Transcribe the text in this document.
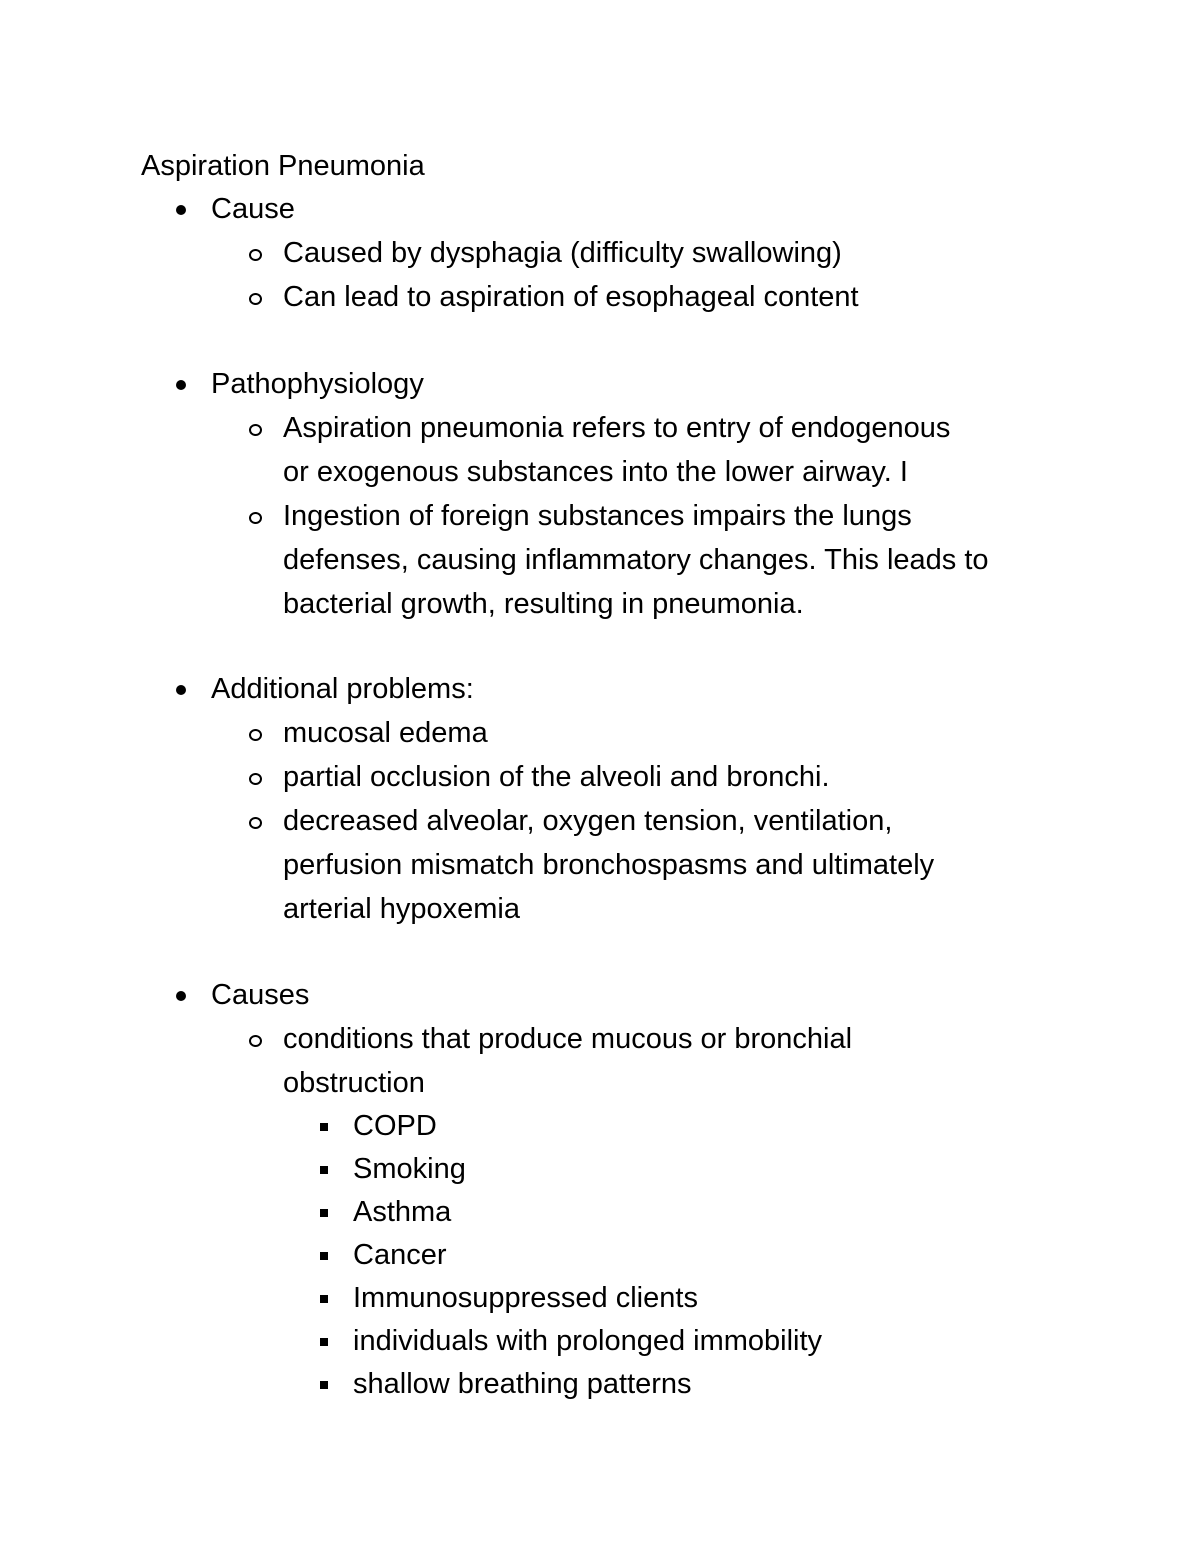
Aspiration Pneumonia
Cause
Caused by dysphagia (difficulty swallowing)
Can lead to aspiration of esophageal content
Pathophysiology
Aspiration pneumonia refers to entry of endogenous
or exogenous substances into the lower airway. I
Ingestion of foreign substances impairs the lungs
defenses, causing inflammatory changes. This leads to
bacterial growth, resulting in pneumonia.
Additional problems:
mucosal edema
partial occlusion of the alveoli and bronchi.
decreased alveolar, oxygen tension, ventilation,
perfusion mismatch bronchospasms and ultimately
arterial hypoxemia
Causes
conditions that produce mucous or bronchial
obstruction
COPD
Smoking
Asthma
Cancer
Immunosuppressed clients
individuals with prolonged immobility
shallow breathing patterns
